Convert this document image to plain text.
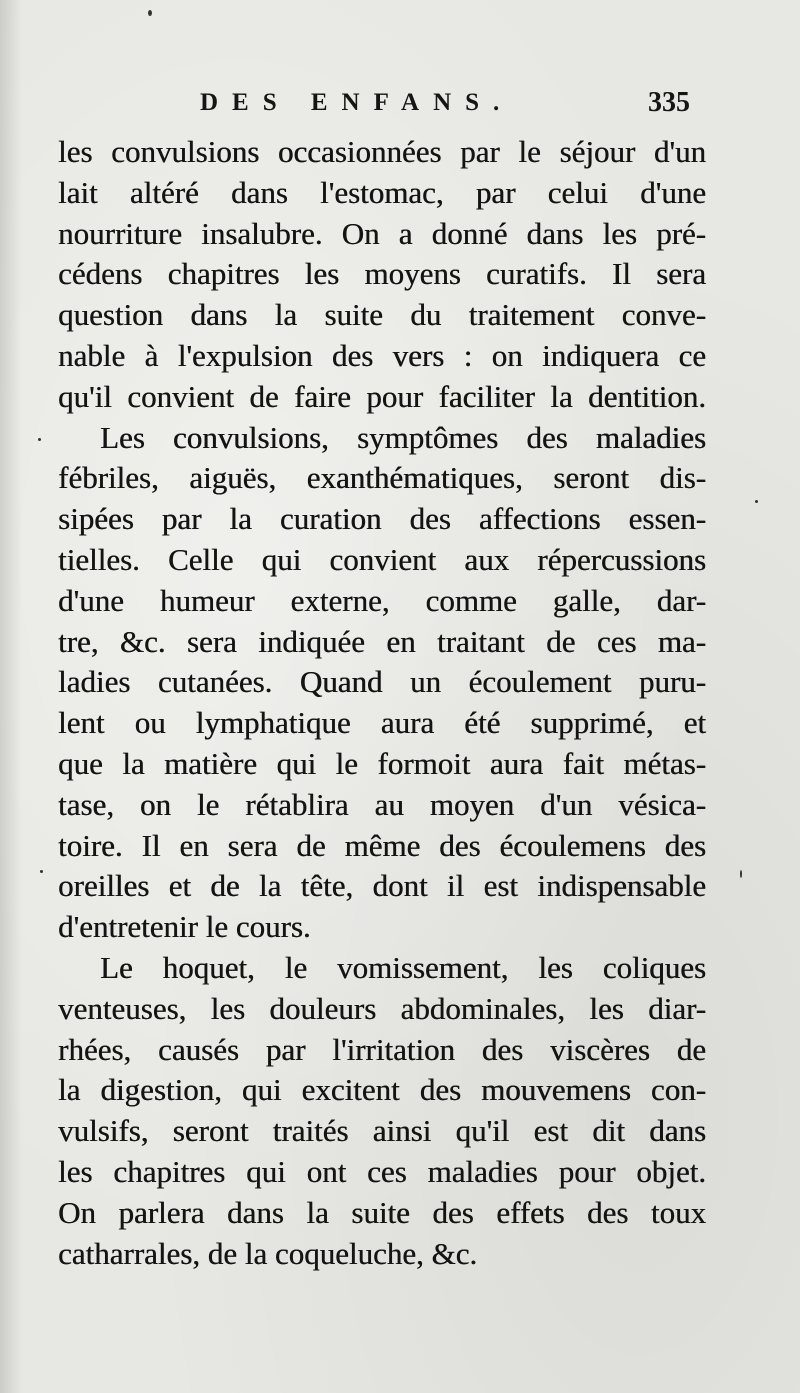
DES ENFANS.	335
les convulsions occasionnées par le séjour d'un
lait altéré dans l'estomac, par celui d'une
nourriture insalubre. On a donné dans les pré-
cédens chapitres les moyens curatifs. Il sera
question dans la suite du traitement conve-
nable à l'expulsion des vers : on indiquera ce
qu'il convient de faire pour faciliter la dentition.
Les convulsions, symptômes des maladies
fébriles, aiguës, exanthématiques, seront dis-
sipées par la curation des affections essen-
tielles. Celle qui convient aux répercussions
d'une humeur externe, comme galle, dar-
tre, &c. sera indiquée en traitant de ces ma-
ladies cutanées. Quand un écoulement puru-
lent ou lymphatique aura été supprimé, et
que la matière qui le formoit aura fait métas-
tase, on le rétablira au moyen d'un vésica-
toire. Il en sera de même des écoulemens des
oreilles et de la tête, dont il est indispensable
d'entretenir le cours.
Le hoquet, le vomissement, les coliques
venteuses, les douleurs abdominales, les diar-
rhées, causés par l'irritation des viscères de
la digestion, qui excitent des mouvemens con-
vulsifs, seront traités ainsi qu'il est dit dans
les chapitres qui ont ces maladies pour objet.
On parlera dans la suite des effets des toux
catharrales, de la coqueluche, &c.
